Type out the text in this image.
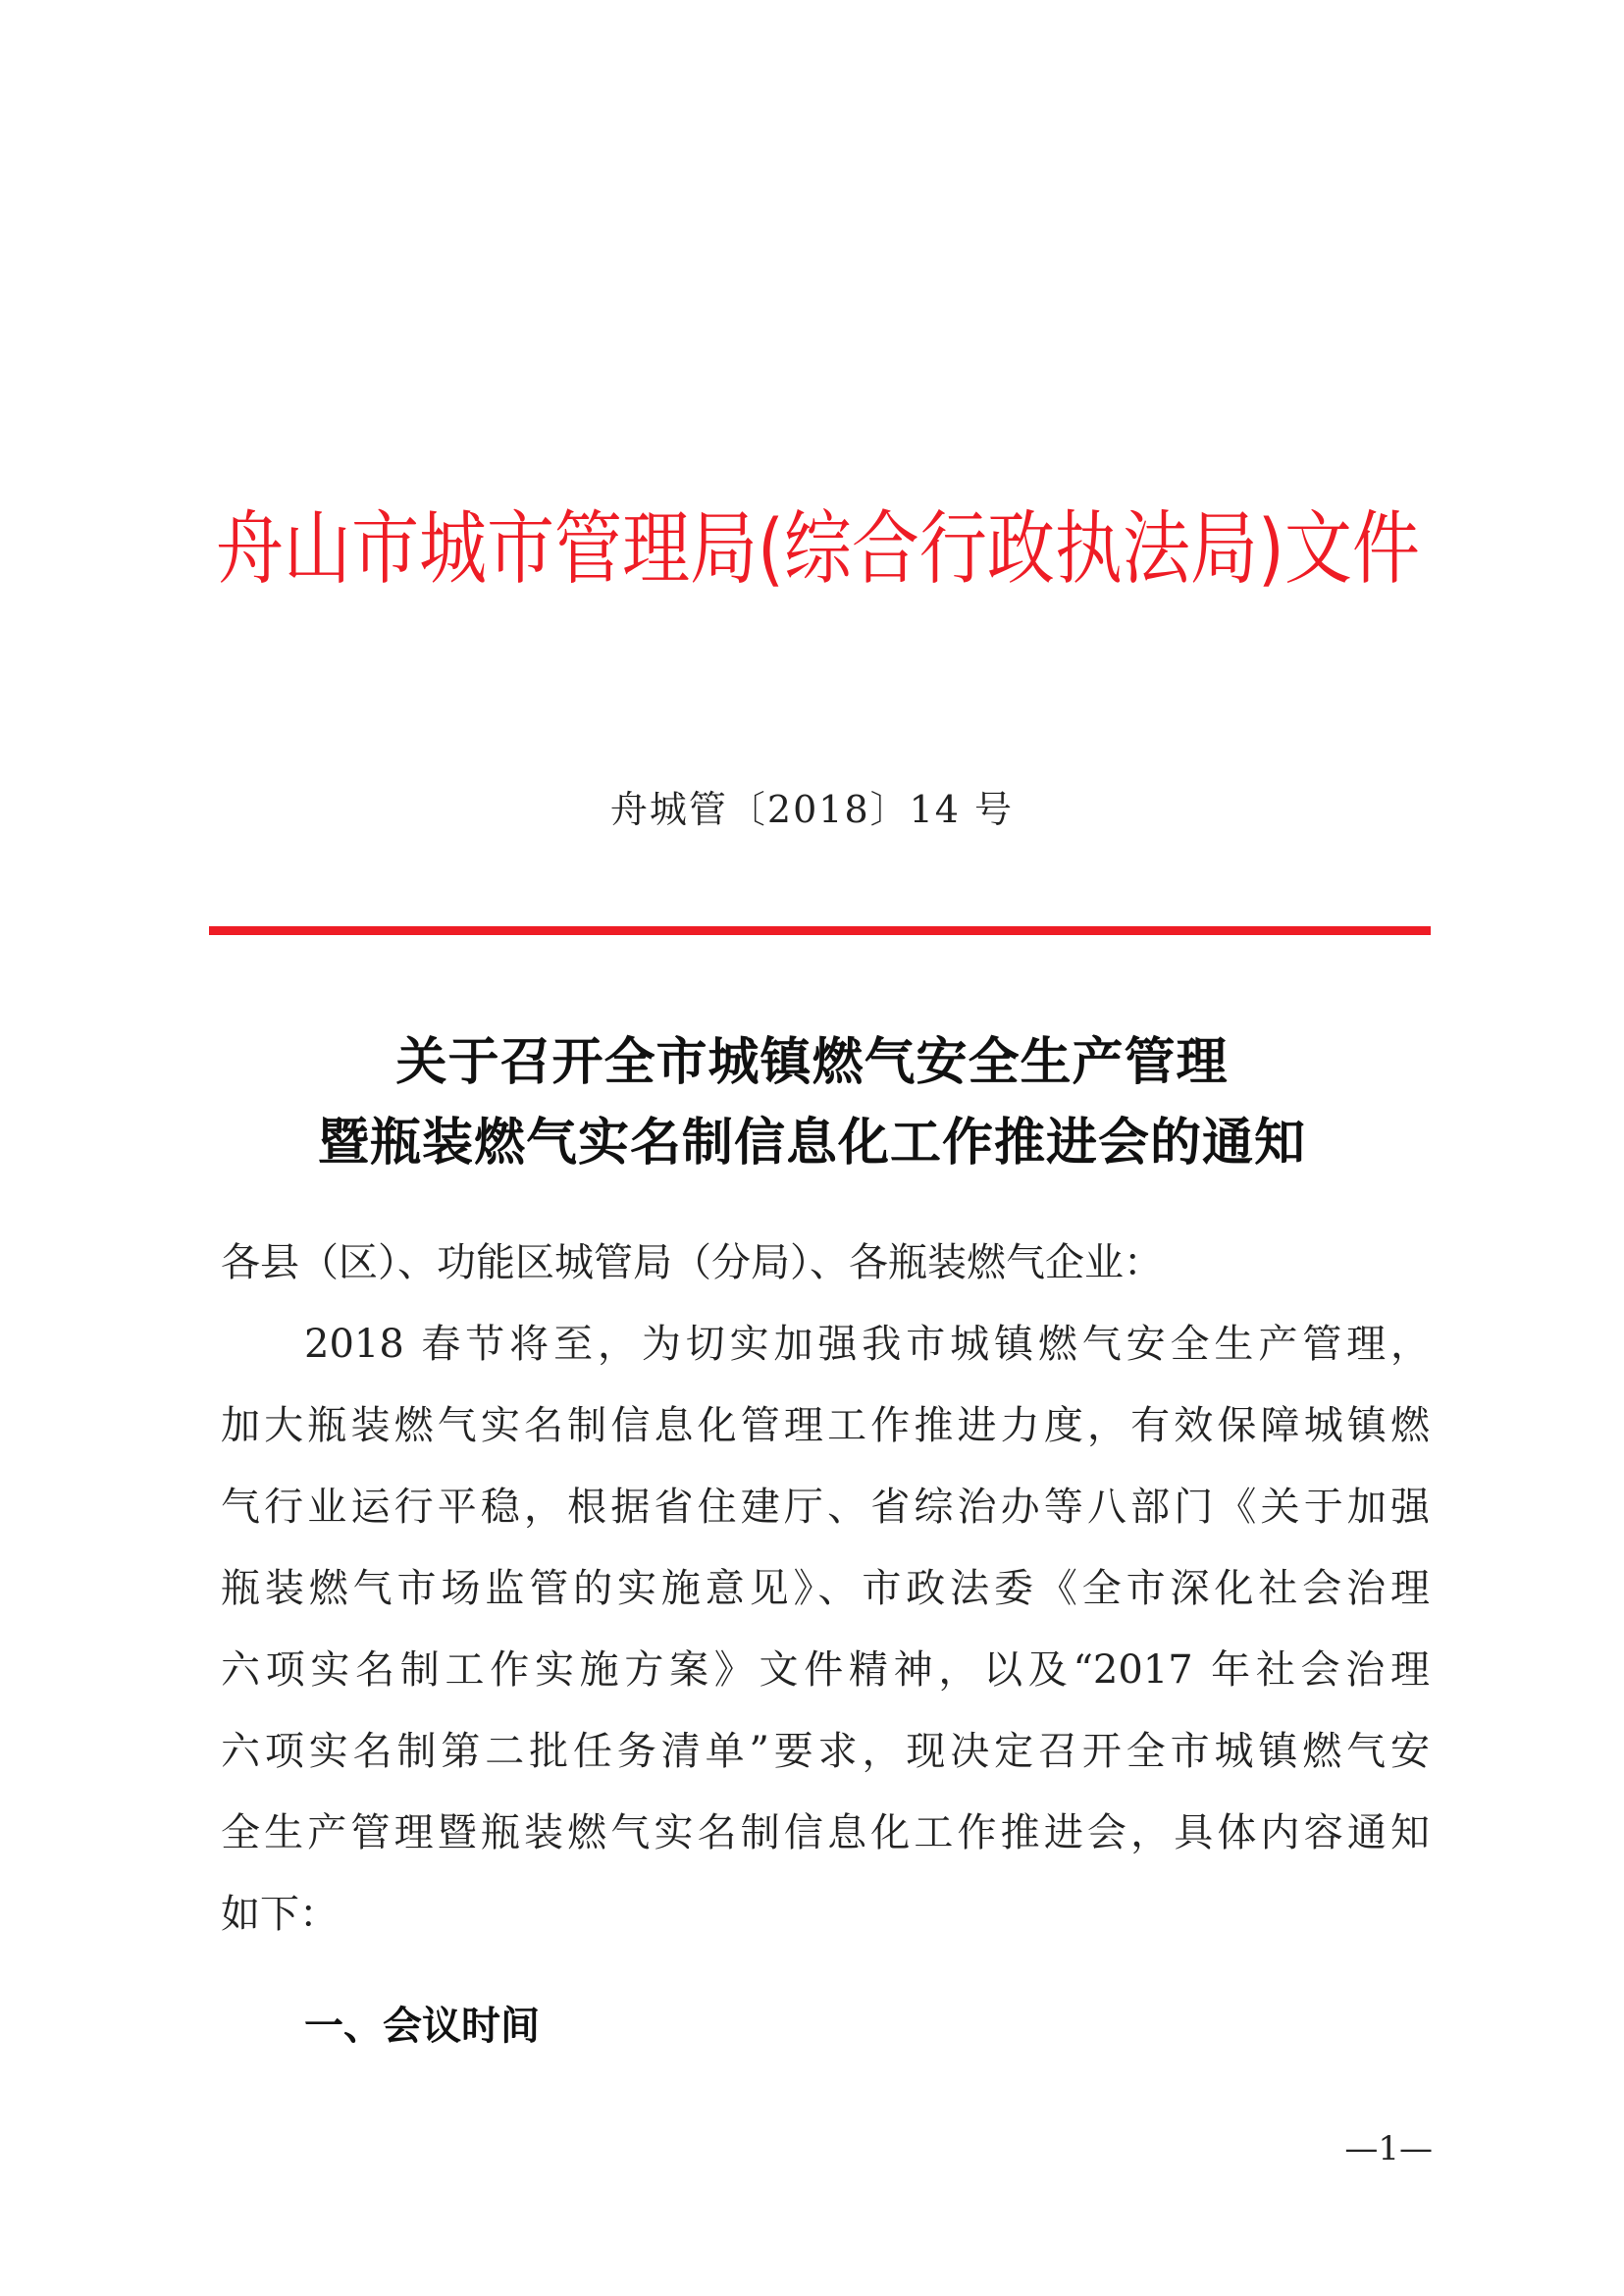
舟山市城市管理局(综合行政执法局)文件
舟城管〔2018〕14 号
关于召开全市城镇燃气安全生产管理
暨瓶装燃气实名制信息化工作推进会的通知
各县（区）、功能区城管局（分局）、各瓶装燃气企业：
2018 春节将至，为切实加强我市城镇燃气安全生产管理，
加大瓶装燃气实名制信息化管理工作推进力度，有效保障城镇燃
气行业运行平稳，根据省住建厅、省综治办等八部门《关于加强
瓶装燃气市场监管的实施意见》、市政法委《全市深化社会治理
六项实名制工作实施方案》文件精神，以及“2017 年社会治理
六项实名制第二批任务清单”要求，现决定召开全市城镇燃气安
全生产管理暨瓶装燃气实名制信息化工作推进会，具体内容通知
如下：
一、会议时间
—1—
